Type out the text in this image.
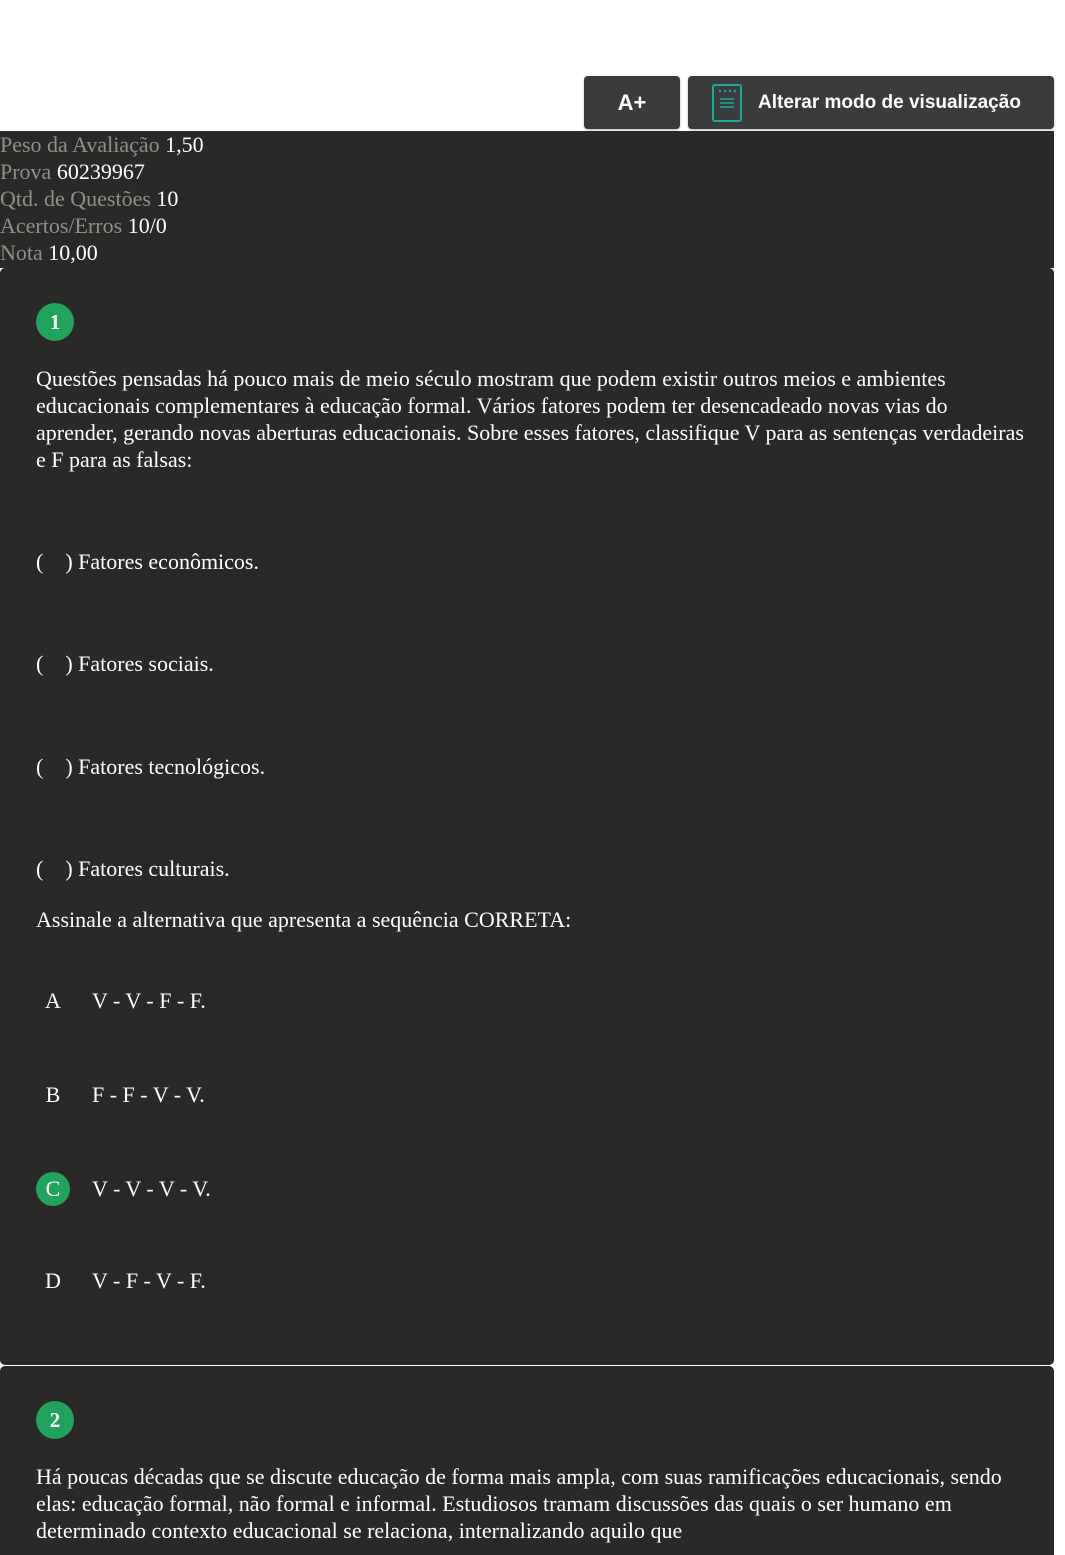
A+	Alterar modo de visualização
Peso da Avaliação 1,50
Prova 60239967
Qtd. de Questões 10
Acertos/Erros 10/0
Nota 10,00
1
Questões pensadas há pouco mais de meio século mostram que podem existir outros meios e ambientes educacionais complementares à educação formal. Vários fatores podem ter desencadeado novas vias do aprender, gerando novas aberturas educacionais. Sobre esses fatores, classifique V para as sentenças verdadeiras e F para as falsas:
(    ) Fatores econômicos.
(    ) Fatores sociais.
(    ) Fatores tecnológicos.
(    ) Fatores culturais.
Assinale a alternativa que apresenta a sequência CORRETA:
A	V - V - F - F.
B	F - F - V - V.
C	V - V - V - V.
D	V - F - V - F.
2
Há poucas décadas que se discute educação de forma mais ampla, com suas ramificações educacionais, sendo elas: educação formal, não formal e informal. Estudiosos tramam discussões das quais o ser humano em determinado contexto educacional se relaciona, internalizando aquilo que
